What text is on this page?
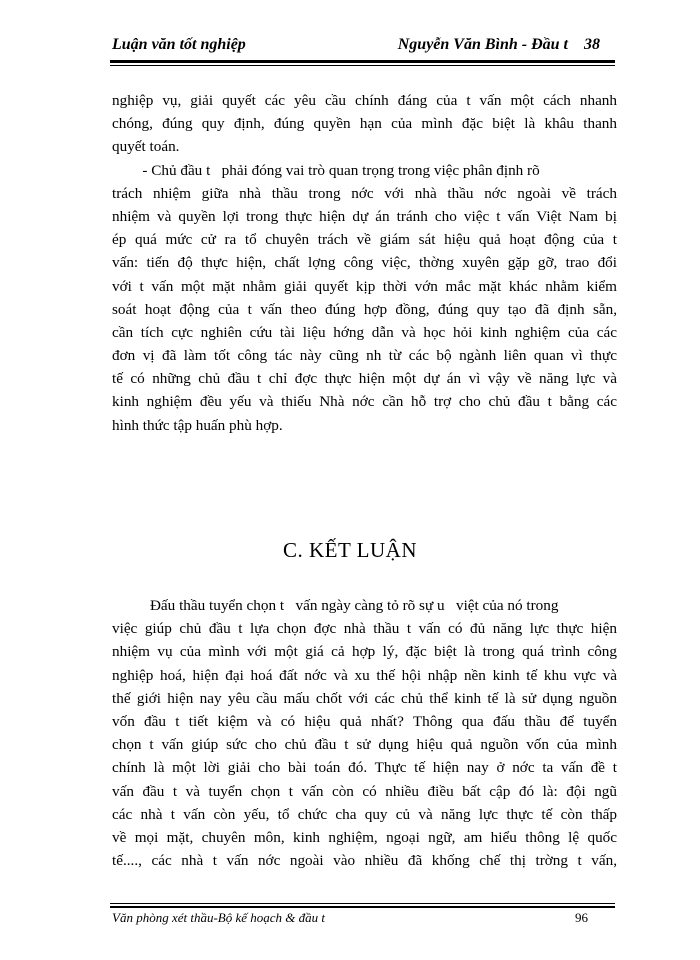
Luận văn tốt nghiệp	Nguyễn Văn Bình - Đầu t    38
nghiệp vụ, giải quyết các yêu cầu chính đáng của t vấn một cách nhanh
chóng, đúng quy định, đúng quyền hạn của mình đặc biệt là khâu thanh
quyết toán.
- Chủ đầu t   phải đóng vai trò quan trọng trong việc phân định rõ
trách nhiệm giữa nhà thầu trong nớc với nhà thầu nớc ngoài về trách
nhiệm và quyền lợi trong thực hiện dự án tránh cho việc t vấn Việt Nam bị
ép quá mức cử ra tổ chuyên trách về giám sát hiệu quả hoạt động của t
vấn: tiến độ thực hiện, chất lợng công việc, thờng xuyên gặp gỡ, trao đổi
với t vấn một mặt nhằm giải quyết kịp thời vớn mắc mặt khác nhằm kiểm
soát hoạt động của t vấn theo đúng hợp đồng, đúng quy tạo đã định sẵn,
cần tích cực nghiên cứu tài liệu hớng dẫn và học hỏi kinh nghiệm của các
đơn vị đã làm tốt công tác này cũng nh từ các bộ ngành liên quan vì thực
tế có những chủ đầu t chỉ đợc thực hiện một dự án vì vậy về năng lực và
kinh nghiệm đều yếu và thiếu Nhà nớc cần hỗ trợ cho chủ đầu t bằng các
hình thức tập huấn phù hợp.
C. KẾT LUẬN
Đấu thầu tuyển chọn t   vấn ngày càng tỏ rõ sự u   việt của nó trong
việc giúp chủ đầu t lựa chọn đợc nhà thầu t vấn có đủ năng lực thực hiện
nhiệm vụ của mình với một giá cả hợp lý, đặc biệt là trong quá trình công
nghiệp hoá, hiện đại hoá đất nớc và xu thế hội nhập nền kinh tế khu vực và
thế giới hiện nay yêu cầu mấu chốt với các chủ thể kinh tế là sử dụng nguồn
vốn đầu t tiết kiệm và có hiệu quả nhất? Thông qua đấu thầu để tuyển
chọn t vấn giúp sức cho chủ đầu t sử dụng hiệu quả nguồn vốn của mình
chính là một lời giải cho bài toán đó. Thực tế hiện nay ở nớc ta vấn đề t
vấn đầu t và tuyển chọn t vấn còn có nhiều điều bất cập đó là: đội ngũ
các nhà t vấn còn yếu, tổ chức cha quy củ và năng lực thực tế còn thấp
về mọi mặt, chuyên môn, kinh nghiệm, ngoại ngữ, am hiểu thông lệ quốc
tế...., các nhà t vấn nớc ngoài vào nhiều đã khống chế thị trờng t vấn,
Văn phòng xét thầu-Bộ kế hoạch & đầu t	96
